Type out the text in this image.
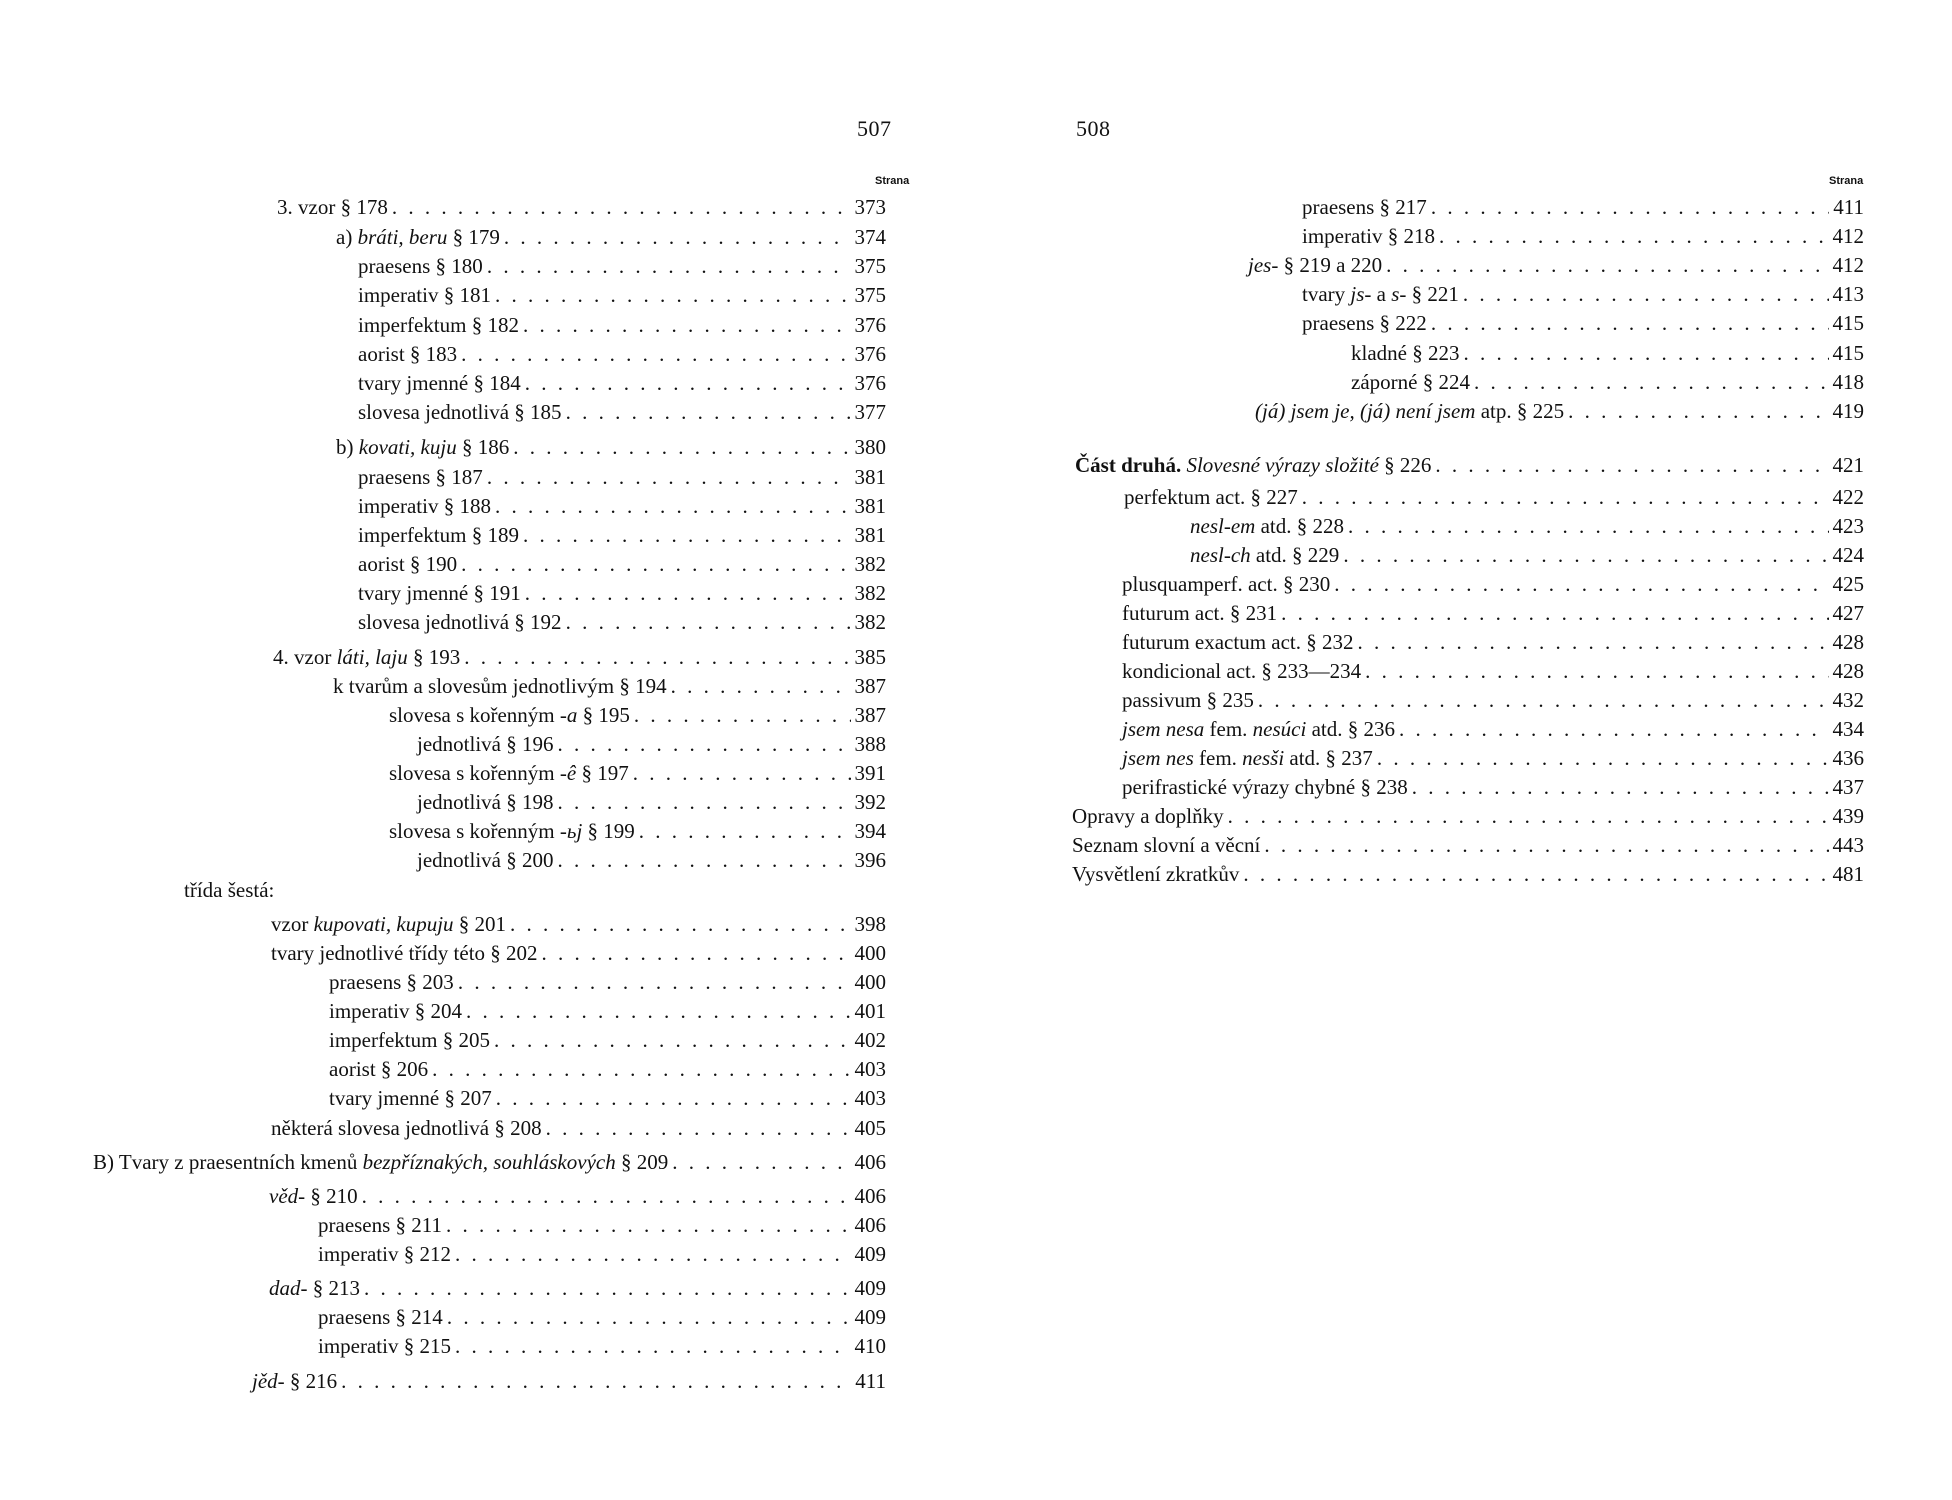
507
Strana
3. vzor § 178 . . .	373
a) bráti, beru § 179 . . .	374
praesens § 180 . . .	375
imperativ § 181 . . .	375
imperfektum § 182 . . .	376
aorist § 183 . . .	376
tvary jmenné § 184 . . .	376
slovesa jednotlivá § 185 . . .	377
b) kovati, kuju § 186 . . .	380
praesens § 187 . . .	381
imperativ § 188 . . .	381
imperfektum § 189 . . .	381
aorist § 190 . . .	382
tvary jmenné § 191 . . .	382
slovesa jednotlivá § 192 . . .	382
4. vzor láti, laju § 193 . . .	385
k tvarům a slovesům jednotlivým § 194 . . .	387
slovesa s kořenným -a § 195 . . .	387
jednotlivá § 196 . . .	388
slovesa s kořenným -ê § 197 . . .	391
jednotlivá § 198 . . .	392
slovesa s kořenným -ьj § 199 . . .	394
jednotlivá § 200 . . .	396
třída šestá:
vzor kupovati, kupuju § 201 . . .	398
tvary jednotlivé třídy této § 202 . . .	400
praesens § 203 . . .	400
imperativ § 204 . . .	401
imperfektum § 205 . . .	402
aorist § 206 . . .	403
tvary jmenné § 207 . . .	403
některá slovesa jednotlivá § 208 . . .	405
B) Tvary z praesentních kmenů bezpříznakých, souhláskových § 209 . . .	406
věd- § 210 . . .	406
praesens § 211 . . .	406
imperativ § 212 . . .	409
dad- § 213 . . .	409
praesens § 214 . . .	409
imperativ § 215 . . .	410
jěd- § 216 . . .	411
508
Strana
praesens § 217 . . .	411
imperativ § 218 . . .	412
jes- § 219 a 220 . . .	412
tvary js- a s- § 221 . . .	413
praesens § 222 . . .	415
kladné § 223 . . .	415
záporné § 224 . . .	418
(já) jsem je, (já) není jsem atp. § 225 . . .	419
Část druhá. Slovesné výrazy složité § 226 . . .	421
perfektum act. § 227 . . .	422
nesl-em atd. § 228 . . .	423
nesl-ch atd. § 229 . . .	424
plusquamperf. act. § 230 . . .	425
futurum act. § 231 . . .	427
futurum exactum act. § 232 . . .	428
kondicional act. § 233—234 . . .	428
passivum § 235 . . .	432
jsem nesa fem. nesúci atd. § 236 . . .	434
jsem nes fem. nesši atd. § 237 . . .	436
perifrastické výrazy chybné § 238 . . .	437
Opravy a doplňky . . .	439
Seznam slovní a věcní . . .	443
Vysvětlení zkratkův . . .	481
